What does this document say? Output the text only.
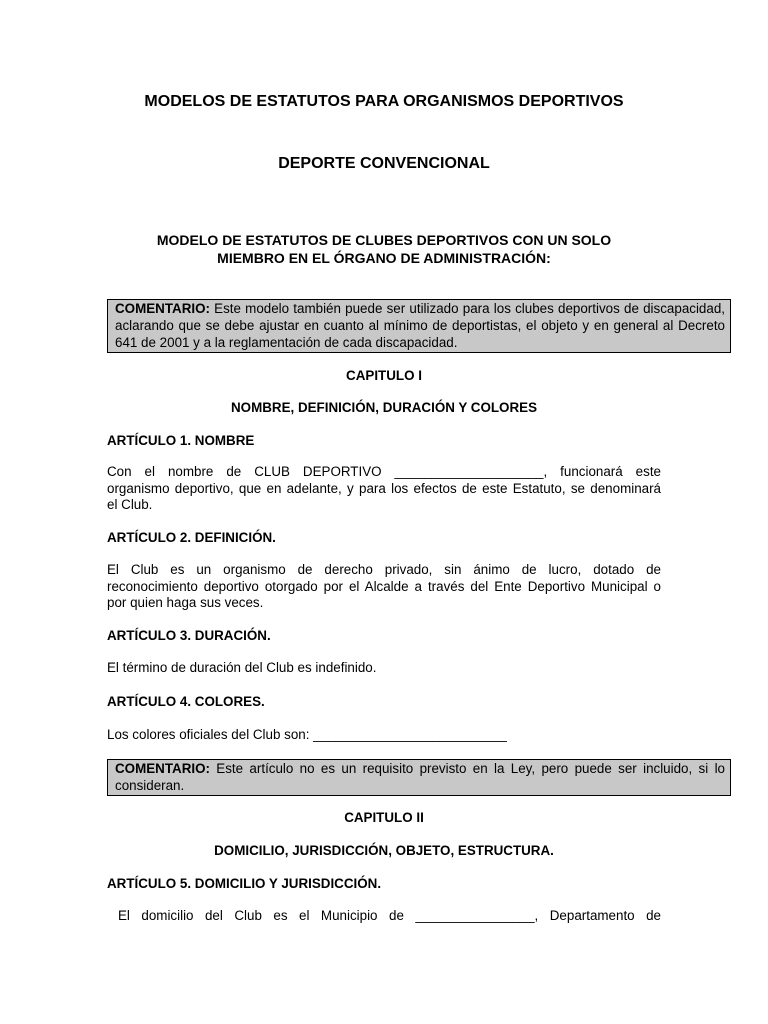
MODELOS DE ESTATUTOS PARA ORGANISMOS DEPORTIVOS
DEPORTE CONVENCIONAL
MODELO DE ESTATUTOS DE CLUBES DEPORTIVOS CON UN SOLO
MIEMBRO EN EL ÓRGANO DE ADMINISTRACIÓN:
COMENTARIO: Este modelo también puede ser utilizado para los clubes deportivos de discapacidad, aclarando que se debe ajustar en cuanto al mínimo de deportistas, el objeto y en general al Decreto 641 de 2001 y a la reglamentación de cada discapacidad.
CAPITULO I
NOMBRE, DEFINICIÓN, DURACIÓN Y COLORES
ARTÍCULO 1. NOMBRE
Con el nombre de CLUB DEPORTIVO ____________________, funcionará este
organismo deportivo, que en adelante, y para los efectos de este Estatuto, se denominará
el Club.
ARTÍCULO 2. DEFINICIÓN.
El Club es un organismo de derecho privado, sin ánimo de lucro, dotado de
reconocimiento deportivo otorgado por el Alcalde a través del Ente Deportivo Municipal o
por quien haga sus veces.
ARTÍCULO 3. DURACIÓN.
El término de duración del Club es indefinido.
ARTÍCULO 4. COLORES.
Los colores oficiales del Club son: __________________________
COMENTARIO: Este artículo no es un requisito previsto en la Ley, pero puede ser incluido, si lo consideran.
CAPITULO II
DOMICILIO, JURISDICCIÓN, OBJETO, ESTRUCTURA.
ARTÍCULO 5. DOMICILIO Y JURISDICCIÓN.
El domicilio del Club es el Municipio de ________________, Departamento de
